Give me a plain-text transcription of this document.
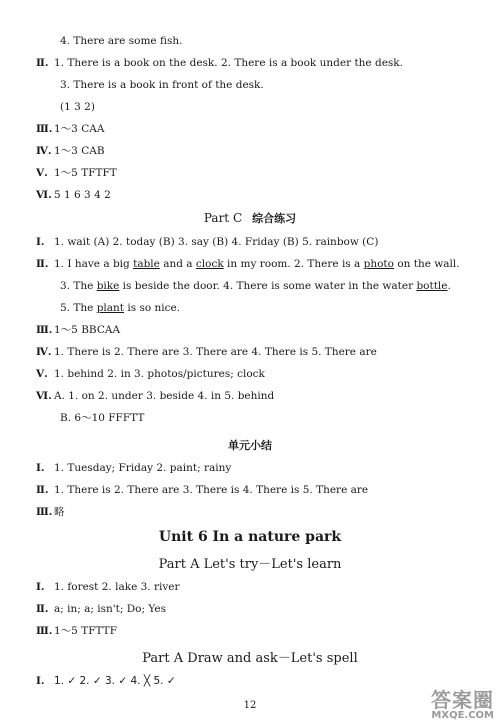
4. There are some fish.
Ⅱ. 1. There is a book on the desk. 2. There is a book under the desk.
3. There is a book in front of the desk.
(1 3 2)
Ⅲ. 1～3 CAA
Ⅳ. 1～3 CAB
Ⅴ. 1～5 TFTFT
Ⅵ. 5 1 6 3 4 2
Part C 综合练习
Ⅰ. 1. wait (A) 2. today (B) 3. say (B) 4. Friday (B) 5. rainbow (C)
Ⅱ. 1. I have a big table and a clock in my room. 2. There is a photo on the wall.
3. The bike is beside the door. 4. There is some water in the water bottle.
5. The plant is so nice.
Ⅲ. 1～5 BBCAA
Ⅳ. 1. There is 2. There are 3. There are 4. There is 5. There are
Ⅴ. 1. behind 2. in 3. photos/pictures; clock
Ⅵ. A. 1. on 2. under 3. beside 4. in 5. behind
B. 6～10 FFFTT
单元小结
Ⅰ. 1. Tuesday; Friday 2. paint; rainy
Ⅱ. 1. There is 2. There are 3. There is 4. There is 5. There are
Ⅲ. 略
Unit 6 In a nature park
Part A Let's try－Let's learn
Ⅰ. 1. forest 2. lake 3. river
Ⅱ. a; in; a; isn't; Do; Yes
Ⅲ. 1～5 TFTTF
Part A Draw and ask－Let's spell
Ⅰ. 1. ✓ 2. ✓ 3. ✓ 4. ╳ 5. ✓
12	答案圈
MXQE.COM
